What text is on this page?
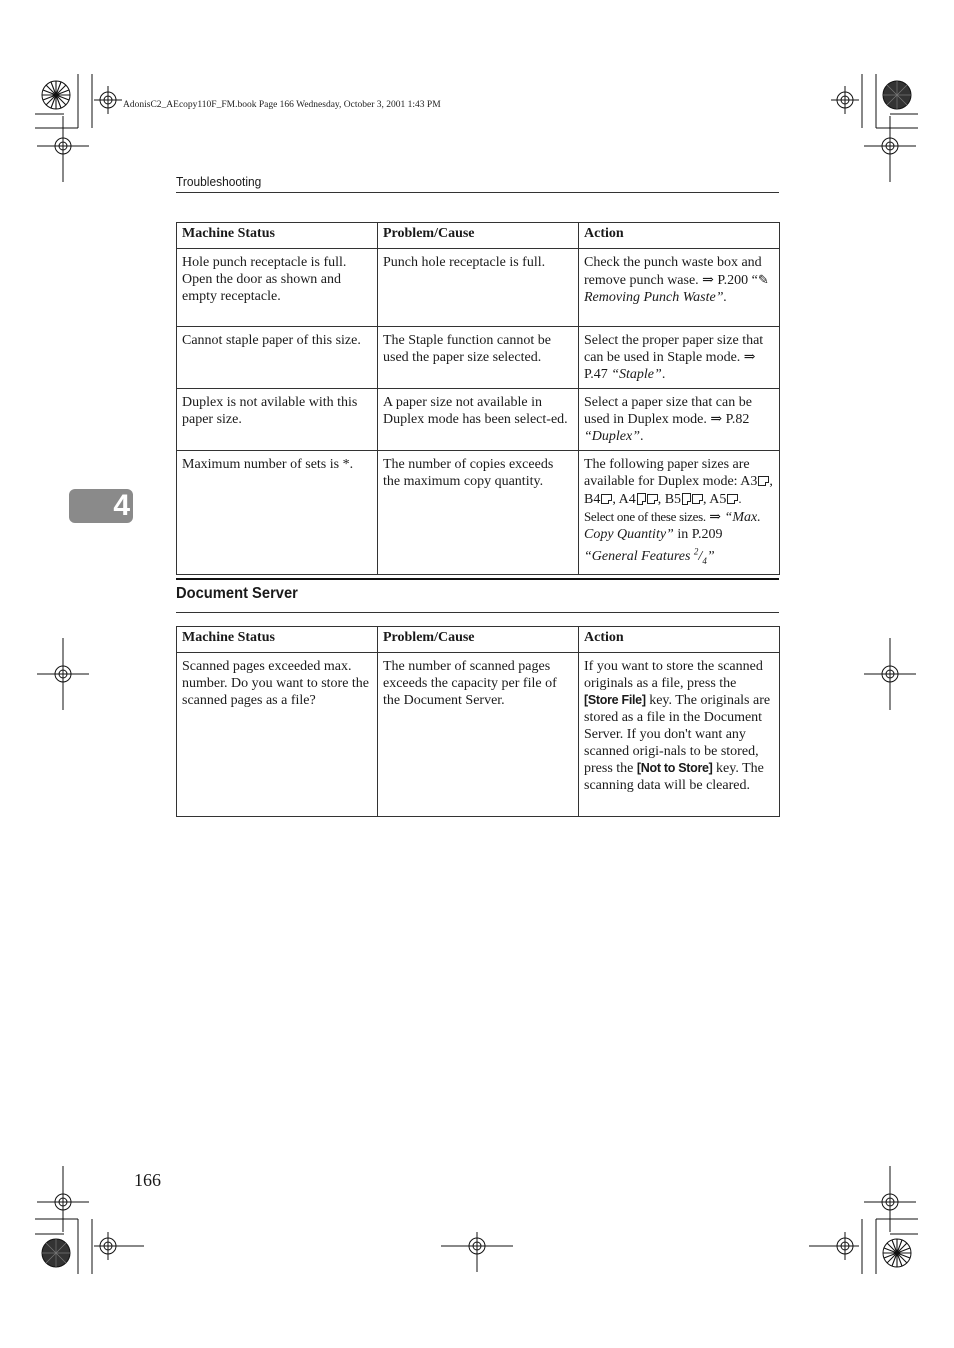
AdonisC2_AEcopy110F_FM.book Page 166 Wednesday, October 3, 2001 1:43 PM
Troubleshooting
4
Machine Status	Problem/Cause	Action
Hole punch receptacle is full. Open the door as shown and empty receptacle.	Punch hole receptacle is full.	Check the punch waste box and remove punch wase. ⇒ P.200 “✎ Removing Punch Waste”.
Cannot staple paper of this size.	The Staple function cannot be used the paper size selected.	Select the proper paper size that can be used in Staple mode. ⇒ P.47 “Staple”.
Duplex is not avilable with this paper size.	A paper size not available in Duplex mode has been select-ed.	Select a paper size that can be used in Duplex mode. ⇒ P.82 “Duplex”.
Maximum number of sets is *.	The number of copies exceeds the maximum copy quantity.	The following paper sizes are available for Duplex mode: A3 , B4 , A4 , B5 , A5 . Select one of these sizes. ⇒ “Max. Copy Quantity” in P.209 “General Features $^2/_4$”
Document Server
Machine Status	Problem/Cause	Action
Scanned pages exceeded max. number. Do you want to store the scanned pages as a file?	The number of scanned pages exceeds the capacity per file of the Document Server.	If you want to store the scanned originals as a file, press the [Store File] key. The originals are stored as a file in the Document Server. If you don't want any scanned origi-nals to be stored, press the [Not to Store] key. The scanning data will be cleared.
166
